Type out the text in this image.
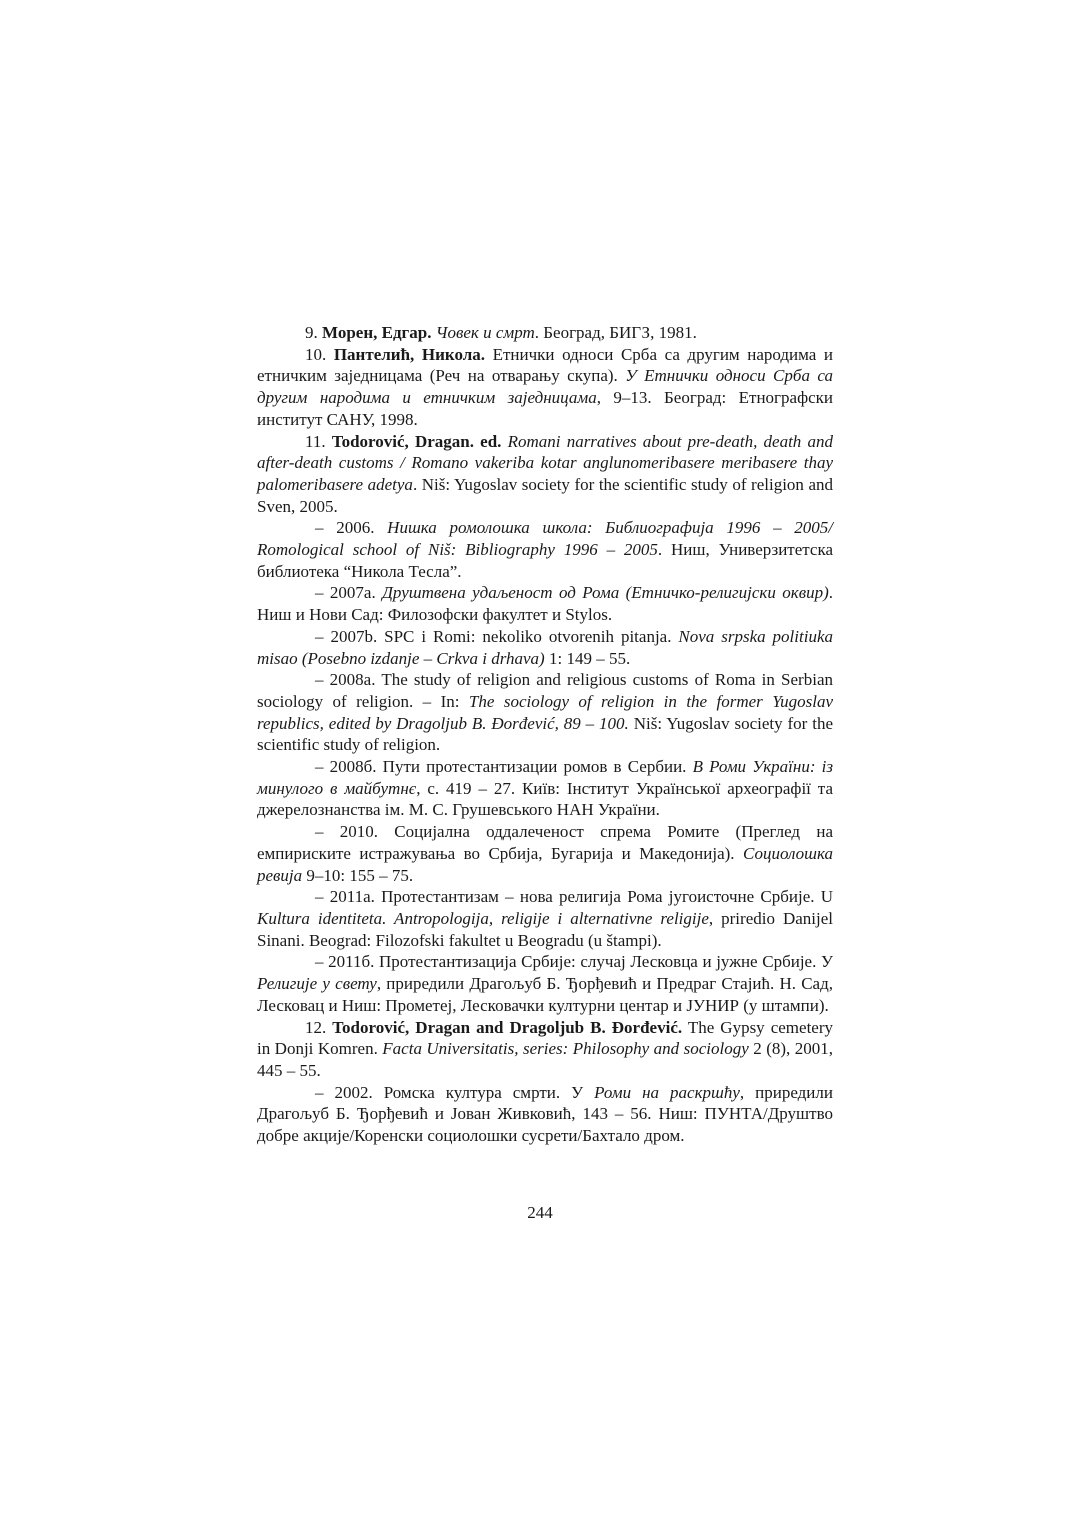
9. Морен, Едгар. Човек и смрт. Београд, БИГЗ, 1981.

10. Пантелић, Никола. Етнички односи Срба са другим народима и етничким заједницама (Реч на отварању скупа). У Етнички односи Срба са другим народима и етничким заједницама, 9–13. Београд: Етнографски институт САНУ, 1998.

11. Todorović, Dragan. ed. Romani narratives about pre-death, death and after-death customs / Romano vakeriba kotar anglunomeribasere meribasere thay palomeribasere adetya. Niš: Yugoslav society for the scientific study of religion and Sven, 2005.

– 2006. Нишка ромолошка школа: Библиографија 1996 – 2005/ Romological school of Niš: Bibliography 1996 – 2005. Ниш, Универзитетска библиотека “Никола Тесла”.

– 2007a. Друштвена удаљеност од Рома (Етничко-религијски оквир). Ниш и Нови Сад: Филозофски факултет и Stylos.

– 2007b. SPC i Romi: nekoliko otvorenih pitanja. Nova srpska politiuka misao (Posebno izdanje – Crkva i drhava) 1: 149 – 55.

– 2008a. The study of religion and religious customs of Roma in Serbian sociology of religion. – In: The sociology of religion in the former Yugoslav republics, edited by Dragoljub B. Đorđević, 89 – 100. Niš: Yugoslav society for the scientific study of religion.

– 2008б. Пути протестантизации ромов в Сербии. В Роми України: із минулого в майбутнє, с. 419 – 27. Київ: Інститут Української археографії та джерелознанства ім. М. С. Грушевського НАН України.

– 2010. Социјална оддалеченост спрема Ромите (Преглед на емпириските истражувања во Србија, Бугарија и Македонија). Социолошка ревија 9–10: 155 – 75.

– 2011a. Протестантизам – нова религија Рома југоисточне Србије. U Kultura identiteta. Antropologija, religije i alternativne religije, priredio Danijel Sinani. Beograd: Filozofski fakultet u Beogradu (u štampi).

– 2011б. Протестантизација Србије: случај Лесковца и јужне Србије. У Религије у свету, приредили Драгољуб Б. Ђорђевић и Предраг Стајић. Н. Сад, Лесковац и Ниш: Прометеј, Лесковачки културни центар и ЈУНИР (у штампи).

12. Todorović, Dragan and Dragoljub B. Đorđević. The Gypsy cemetery in Donji Komren. Facta Universitatis, series: Philosophy and sociology 2 (8), 2001, 445 – 55.

– 2002. Ромска култура смрти. У Роми на раскршћу, приредили Драгољуб Б. Ђорђевић и Јован Живковић, 143 – 56. Ниш: ПУНТА/Друштво добре акције/Коренски социолошки сусрети/Бахтало дром.

244
